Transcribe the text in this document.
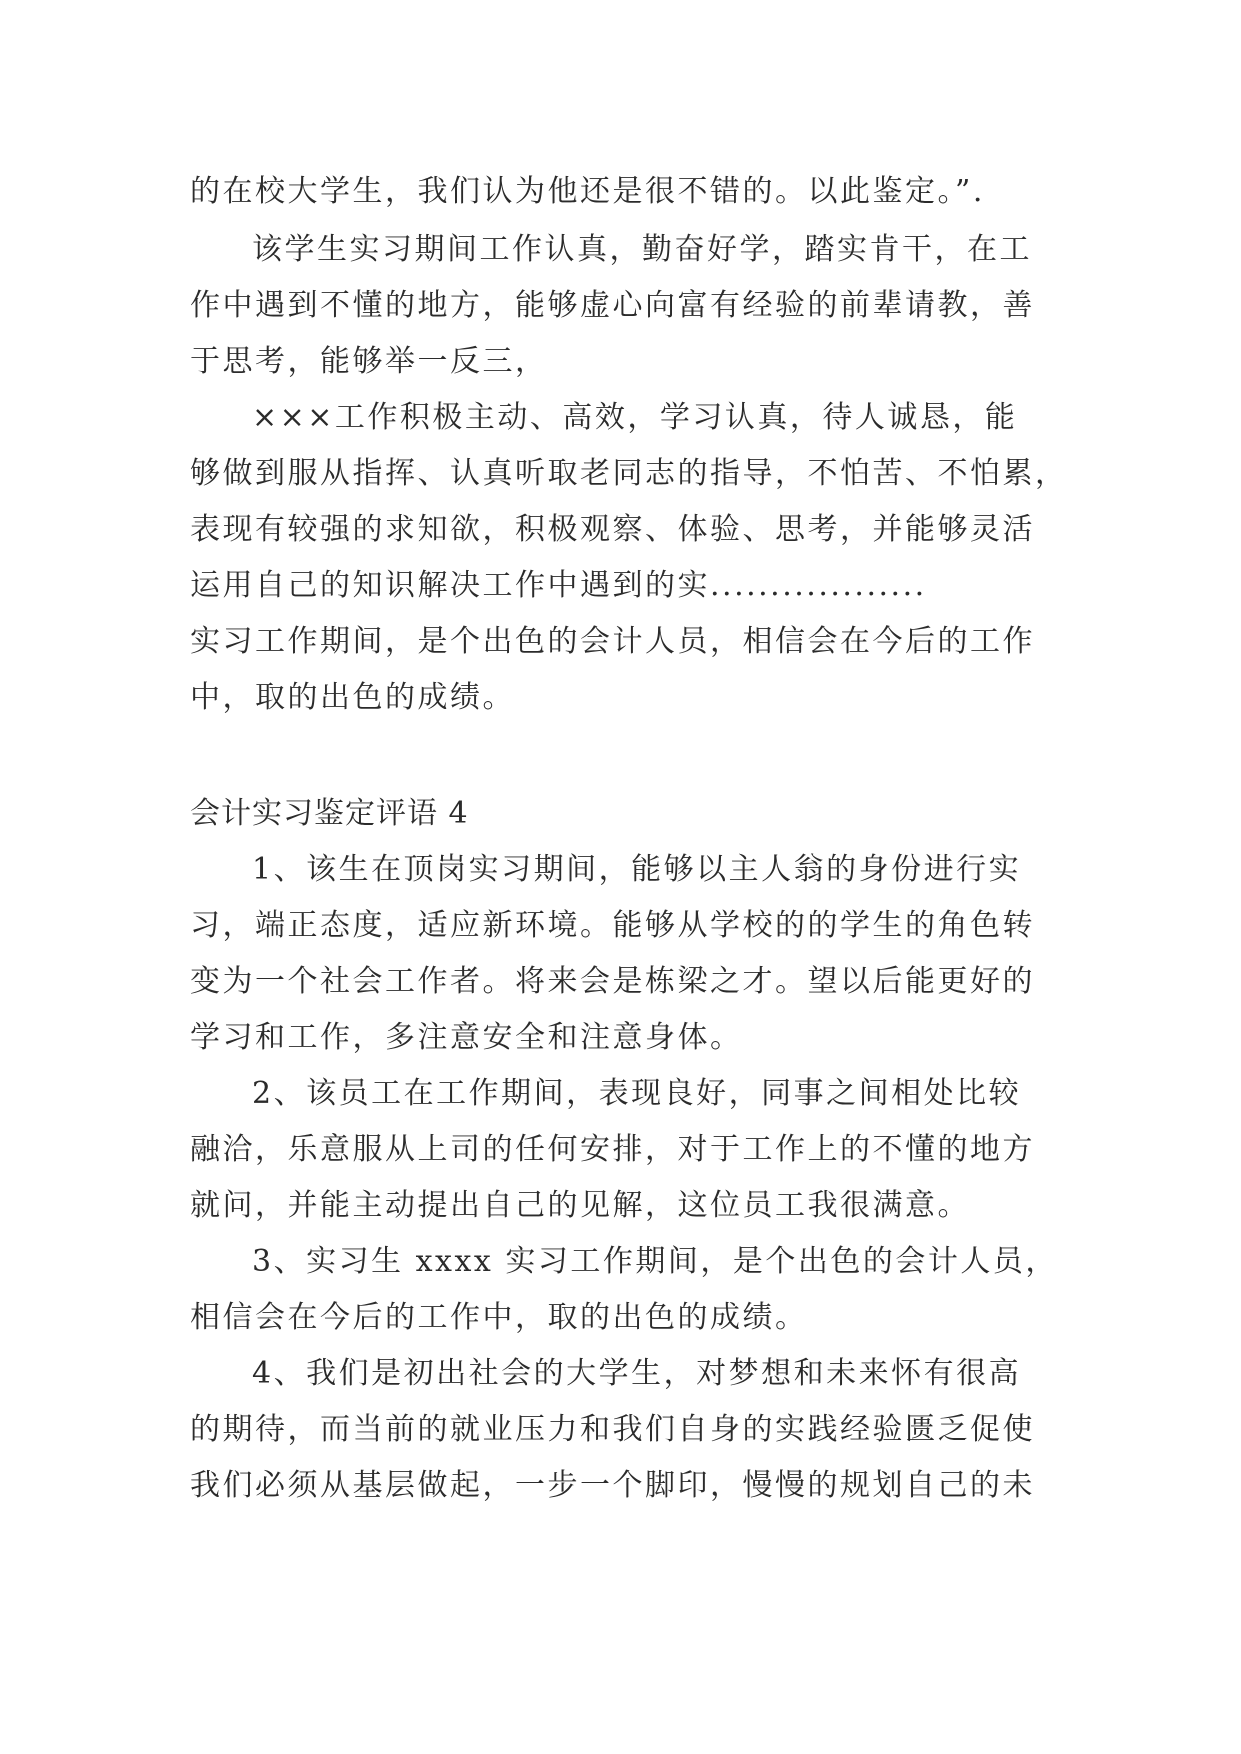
的在校大学生，我们认为他还是很不错的。以此鉴定。”.
该学生实习期间工作认真，勤奋好学，踏实肯干，在工
作中遇到不懂的地方，能够虚心向富有经验的前辈请教，善
于思考，能够举一反三，
×××工作积极主动、高效，学习认真，待人诚恳，能
够做到服从指挥、认真听取老同志的指导，不怕苦、不怕累，
表现有较强的求知欲，积极观察、体验、思考，并能够灵活
运用自己的知识解决工作中遇到的实..................
实习工作期间，是个出色的会计人员，相信会在今后的工作
中，取的出色的成绩。
会计实习鉴定评语 4
1、该生在顶岗实习期间，能够以主人翁的身份进行实
习，端正态度，适应新环境。能够从学校的的学生的角色转
变为一个社会工作者。将来会是栋梁之才。望以后能更好的
学习和工作，多注意安全和注意身体。
2、该员工在工作期间，表现良好，同事之间相处比较
融洽，乐意服从上司的任何安排，对于工作上的不懂的地方
就问，并能主动提出自己的见解，这位员工我很满意。
3、实习生 xxxx 实习工作期间，是个出色的会计人员，
相信会在今后的工作中，取的出色的成绩。
4、我们是初出社会的大学生，对梦想和未来怀有很高
的期待，而当前的就业压力和我们自身的实践经验匮乏促使
我们必须从基层做起，一步一个脚印，慢慢的规划自己的未
